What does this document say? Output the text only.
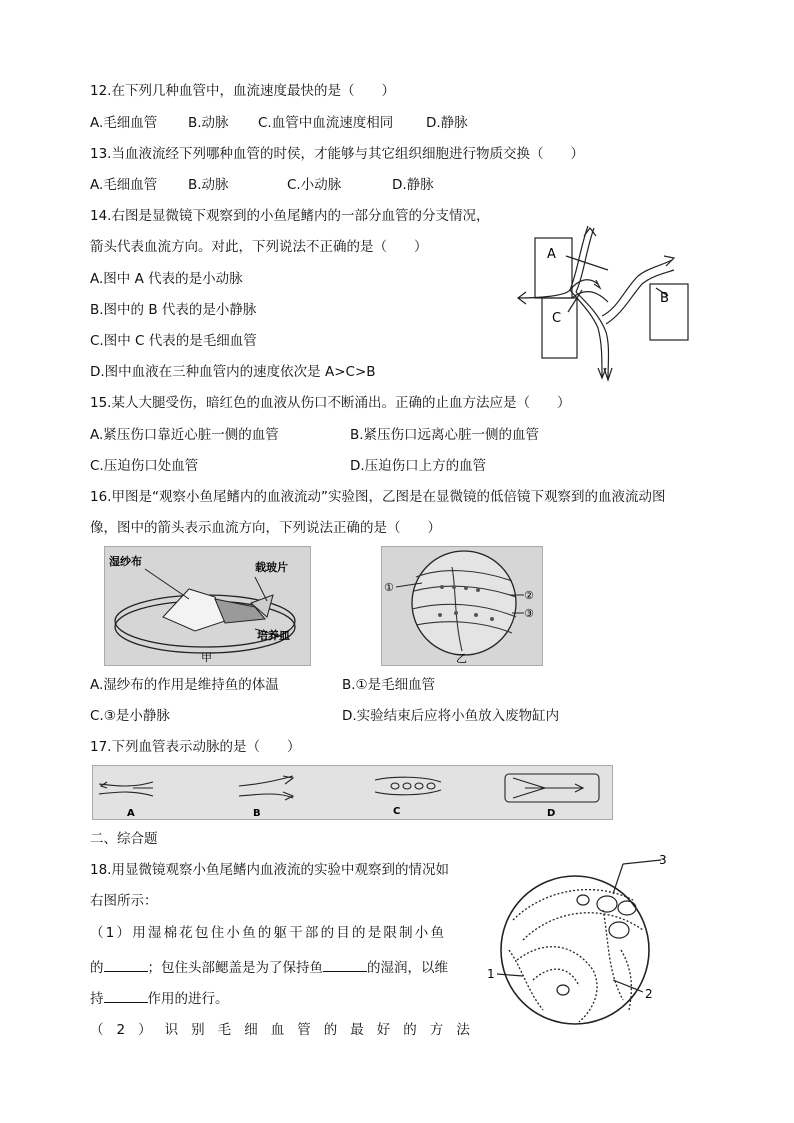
12.在下列几种血管中，血流速度最快的是（　　）
A.毛细血管 B.动脉 C.血管中血流速度相同 D.静脉
13.当血液流经下列哪种血管的时侯，才能够与其它组织细胞进行物质交换（　　）
A.毛细血管 B.动脉	C.小动脉	D.静脉
14.右图是显微镜下观察到的小鱼尾鳍内的一部分血管的分支情况，
箭头代表血流方向。对此，下列说法不正确的是（　　）
A.图中 A 代表的是小动脉
B.图中的 B 代表的是小静脉
C.图中 C 代表的是毛细血管
D.图中血液在三种血管内的速度依次是 A>C>B
A
C
B
15.某人大腿受伤，暗红色的血液从伤口不断涌出。正确的止血方法应是（　　）
A.紧压伤口靠近心脏一侧的血管	B.紧压伤口远离心脏一侧的血管
C.压迫伤口处血管	D.压迫伤口上方的血管
16.甲图是“观察小鱼尾鳍内的血液流动”实验图，乙图是在显微镜的低倍镜下观察到的血液流动图
像，图中的箭头表示血流方向，下列说法正确的是（　　）
湿纱布	载玻片
培养皿
甲
①
②
③
乙
A.湿纱布的作用是维持鱼的体温	B.①是毛细血管
C.③是小静脉	D.实验结束后应将小鱼放入废物缸内
17.下列血管表示动脉的是（　　）
A	B	C	D
二、综合题
18.用显微镜观察小鱼尾鳍内血液流的实验中观察到的情况如
右图所示：
（1）用湿棉花包住小鱼的躯干部的目的是限制小鱼
的	；包住头部鳃盖是为了保持鱼	的湿润，以维
持	作用的进行。
（ 2 ） 识 别 毛 细 血 管 的 最 好 的 方 法
3
1
2
